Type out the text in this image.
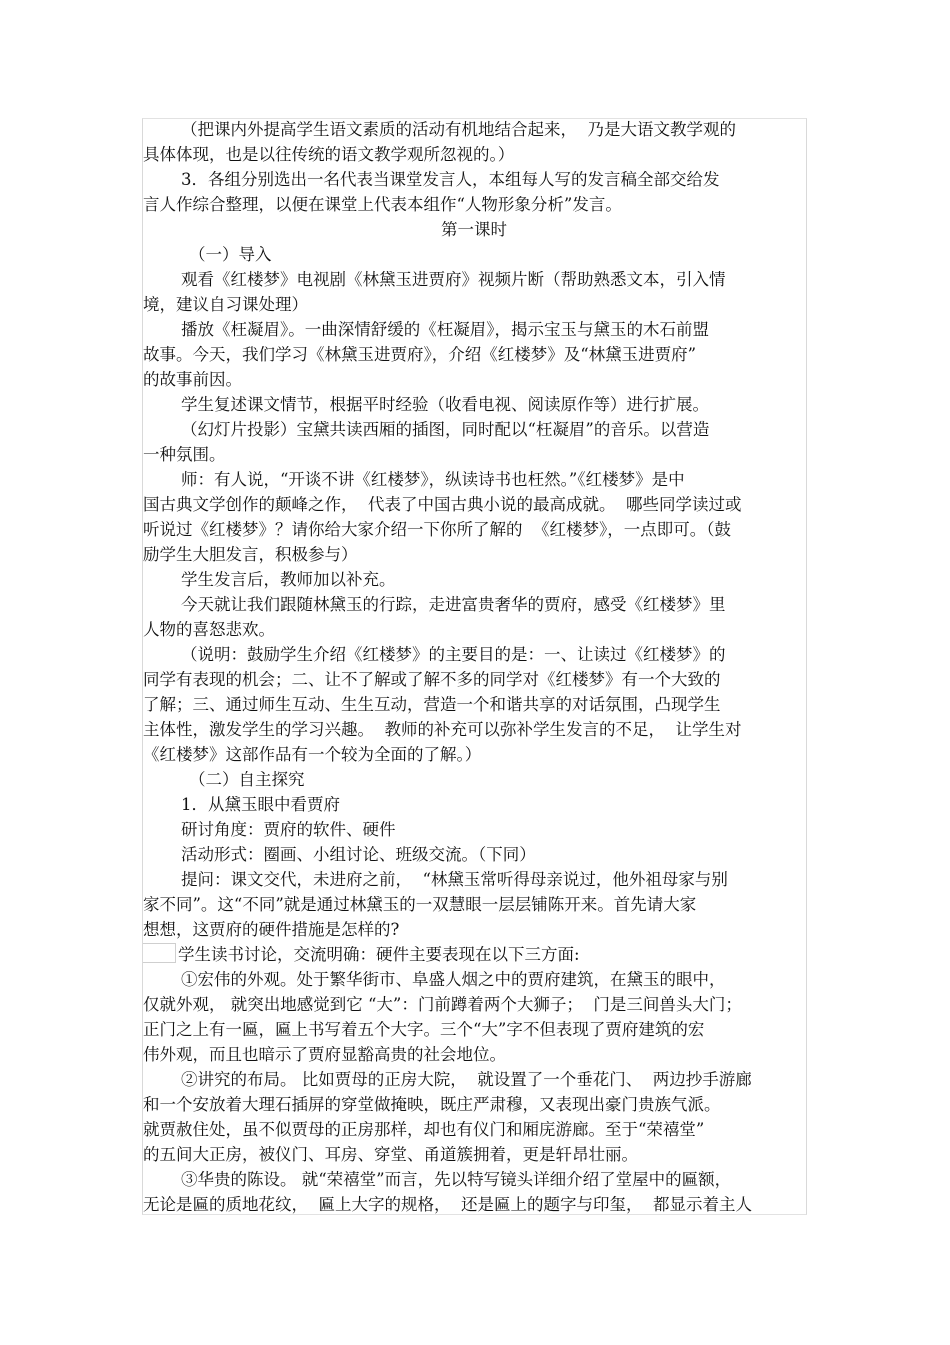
（把课内外提高学生语文素质的活动有机地结合起来，  乃是大语文教学观的
具体体现，也是以往传统的语文教学观所忽视的。）
3．各组分别选出一名代表当课堂发言人，本组每人写的发言稿全部交给发
言人作综合整理，以便在课堂上代表本组作“人物形象分析”发言。
第一课时
（一）导入
观看《红楼梦》电视剧《林黛玉进贾府》视频片断（帮助熟悉文本，引入情
境，建议自习课处理）
播放《枉凝眉》。一曲深情舒缓的《枉凝眉》，揭示宝玉与黛玉的木石前盟
故事。今天，我们学习《林黛玉进贾府》，介绍《红楼梦》及“林黛玉进贾府”
的故事前因。
学生复述课文情节，根据平时经验（收看电视、阅读原作等）进行扩展。
（幻灯片投影）宝黛共读西厢的插图，同时配以“枉凝眉”的音乐。以营造
一种氛围。
师：有人说，“开谈不讲《红楼梦》，纵读诗书也枉然。”《红楼梦》是中
国古典文学创作的颠峰之作，  代表了中国古典小说的最高成就。  哪些同学读过或
听说过《红楼梦》？请你给大家介绍一下你所了解的  《红楼梦》，一点即可。（鼓
励学生大胆发言，积极参与）
学生发言后，教师加以补充。
今天就让我们跟随林黛玉的行踪，走进富贵奢华的贾府，感受《红楼梦》里
人物的喜怒悲欢。
（说明：鼓励学生介绍《红楼梦》的主要目的是：一、让读过《红楼梦》的
同学有表现的机会；二、让不了解或了解不多的同学对《红楼梦》有一个大致的
了解；三、通过师生互动、生生互动，营造一个和谐共享的对话氛围，凸现学生
主体性，激发学生的学习兴趣。  教师的补充可以弥补学生发言的不足，  让学生对
《红楼梦》这部作品有一个较为全面的了解。）
（二）自主探究
1．从黛玉眼中看贾府
研讨角度：贾府的软件、硬件
活动形式：圈画、小组讨论、班级交流。（下同）
提问：课文交代，未进府之前，  “林黛玉常听得母亲说过，他外祖母家与别
家不同”。这“不同”就是通过林黛玉的一双慧眼一层层铺陈开来。首先请大家
想想，这贾府的硬件措施是怎样的?
学生读书讨论，交流明确：硬件主要表现在以下三方面:
①宏伟的外观。处于繁华街市、阜盛人烟之中的贾府建筑，在黛玉的眼中，
仅就外观， 就突出地感觉到它 “大”：门前蹲着两个大狮子；  门是三间兽头大门；
正门之上有一匾，匾上书写着五个大字。三个“大”字不但表现了贾府建筑的宏
伟外观，而且也暗示了贾府显豁高贵的社会地位。
②讲究的布局。 比如贾母的正房大院，  就设置了一个垂花门、  两边抄手游廊
和一个安放着大理石插屏的穿堂做掩映，既庄严肃穆，又表现出豪门贵族气派。
就贾赦住处，虽不似贾母的正房那样，却也有仪门和厢庑游廊。至于“荣禧堂”
的五间大正房，被仪门、耳房、穿堂、甬道簇拥着，更是轩昂壮丽。
③华贵的陈设。 就“荣禧堂”而言，先以特写镜头详细介绍了堂屋中的匾额，
无论是匾的质地花纹，  匾上大字的规格，  还是匾上的题字与印玺，  都显示着主人
